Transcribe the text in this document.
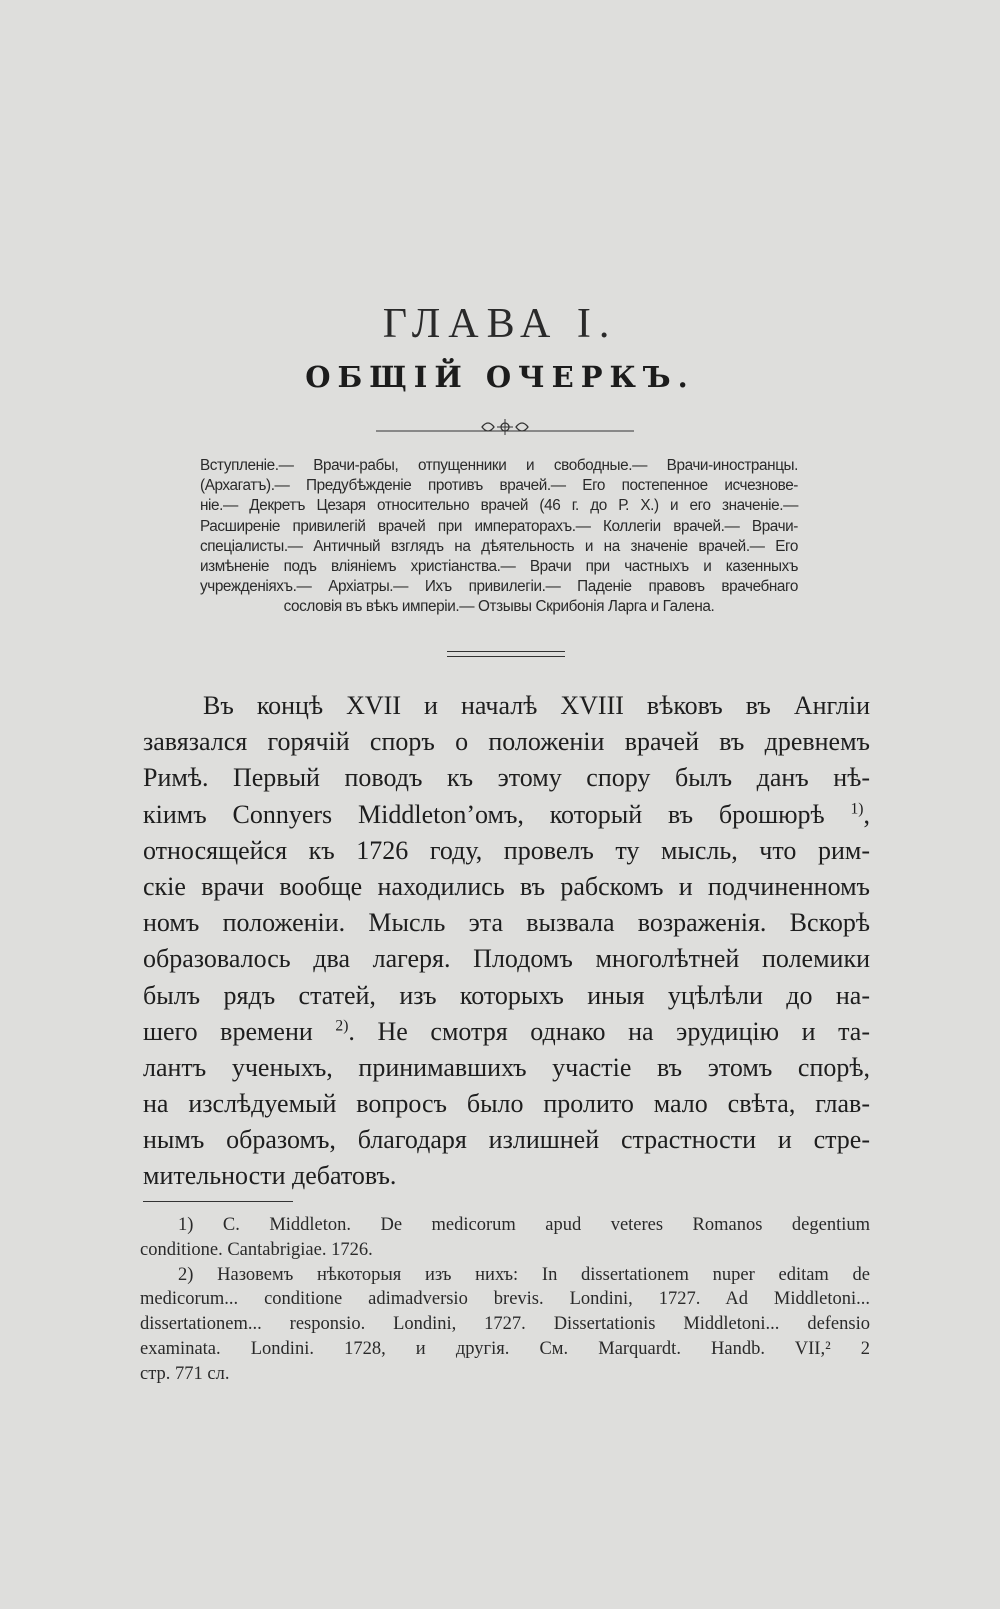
ГЛАВА I.
ОБЩІЙ ОЧЕРКЪ.
Вступленіе.— Врачи-рабы, отпущенники и свободные.— Врачи-иностранцы.
(Архагатъ).— Предубѣжденіе противъ врачей.— Его постепенное исчезнове-
ніе.— Декретъ Цезаря относительно врачей (46 г. до Р. Х.) и его значеніе.—
Расширеніе привилегій врачей при императорахъ.— Коллегіи врачей.— Врачи-
спеціалисты.— Античный взглядъ на дѣятельность и на значеніе врачей.— Его
измѣненіе подъ вліяніемъ христіанства.— Врачи при частныхъ и казенныхъ
учрежденіяхъ.— Архіатры.— Ихъ привилегіи.— Паденіе правовъ врачебнаго
сословія въ вѣкъ имперіи.— Отзывы Скрибонія Ларга и Галена.
Въ концѣ XVII и началѣ XVIII вѣковъ въ Англіи
завязался горячій споръ о положеніи врачей въ древнемъ
Римѣ. Первый поводъ къ этому спору былъ данъ нѣ-
кіимъ Connyers Middleton’омъ, который въ брошюрѣ $^{1)}$,
относящейся къ 1726 году, провелъ ту мысль, что рим-
скіе врачи вообще находились въ рабскомъ и подчиненномъ
номъ положеніи. Мысль эта вызвала возраженія. Вскорѣ
образовалось два лагеря. Плодомъ многолѣтней полемики
былъ рядъ статей, изъ которыхъ иныя уцѣлѣли до на-
шего времени $^{2)}$. Не смотря однако на эрудицію и та-
лантъ ученыхъ, принимавшихъ участіе въ этомъ спорѣ,
на изслѣдуемый вопросъ было пролито мало свѣта, глав-
нымъ образомъ, благодаря излишней страстности и стре-
мительности дебатовъ.
1) C. Middleton. De medicorum apud veteres Romanos degentium
conditione. Cantabrigiae. 1726.
2) Назовемъ нѣкоторыя изъ нихъ: In dissertationem nuper editam de
medicorum... conditione adimadversio brevis. Londini, 1727. Ad Middletoni...
dissertationem... responsio. Londini, 1727. Dissertationis Middletoni... defensio
examinata. Londini. 1728, и другія. См. Marquardt. Handb. VII,² 2
стр. 771 сл.
